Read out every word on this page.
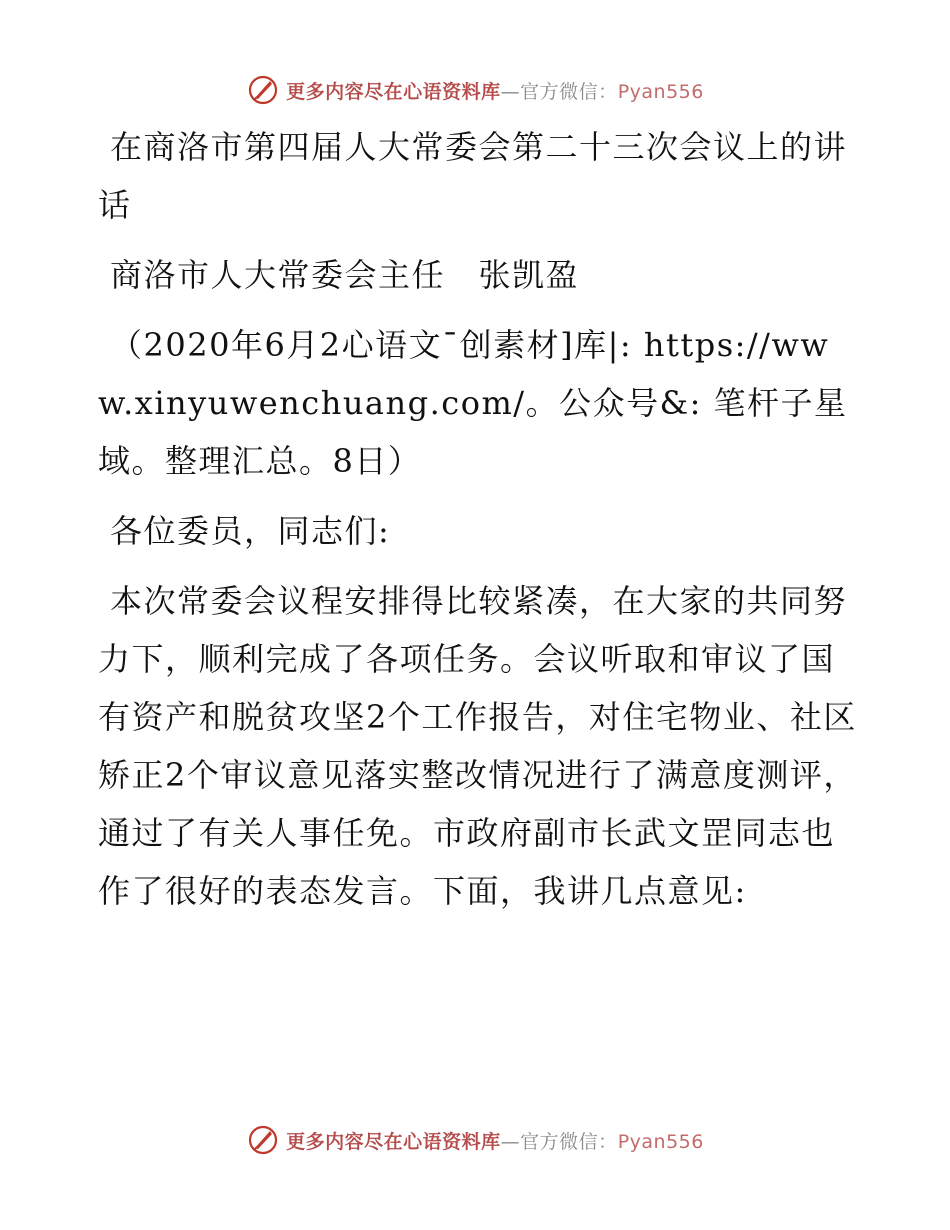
更多内容尽在心语资料库—官方微信：Pyan556

在商洛市第四届人大常委会第二十三次会议上的讲话

商洛市人大常委会主任　张凯盈

（2020年6月2心语文¯创素材]库|: https://www.xinyuwenchuang.com/。公众号&: 笔杆子星域。整理汇总。8日）

各位委员，同志们:

本次常委会议程安排得比较紧凑，在大家的共同努力下，顺利完成了各项任务。会议听取和审议了国有资产和脱贫攻坚2个工作报告，对住宅物业、社区矫正2个审议意见落实整改情况进行了满意度测评，通过了有关人事任免。市政府副市长武文罡同志也作了很好的表态发言。下面，我讲几点意见:

更多内容尽在心语资料库—官方微信：Pyan556
